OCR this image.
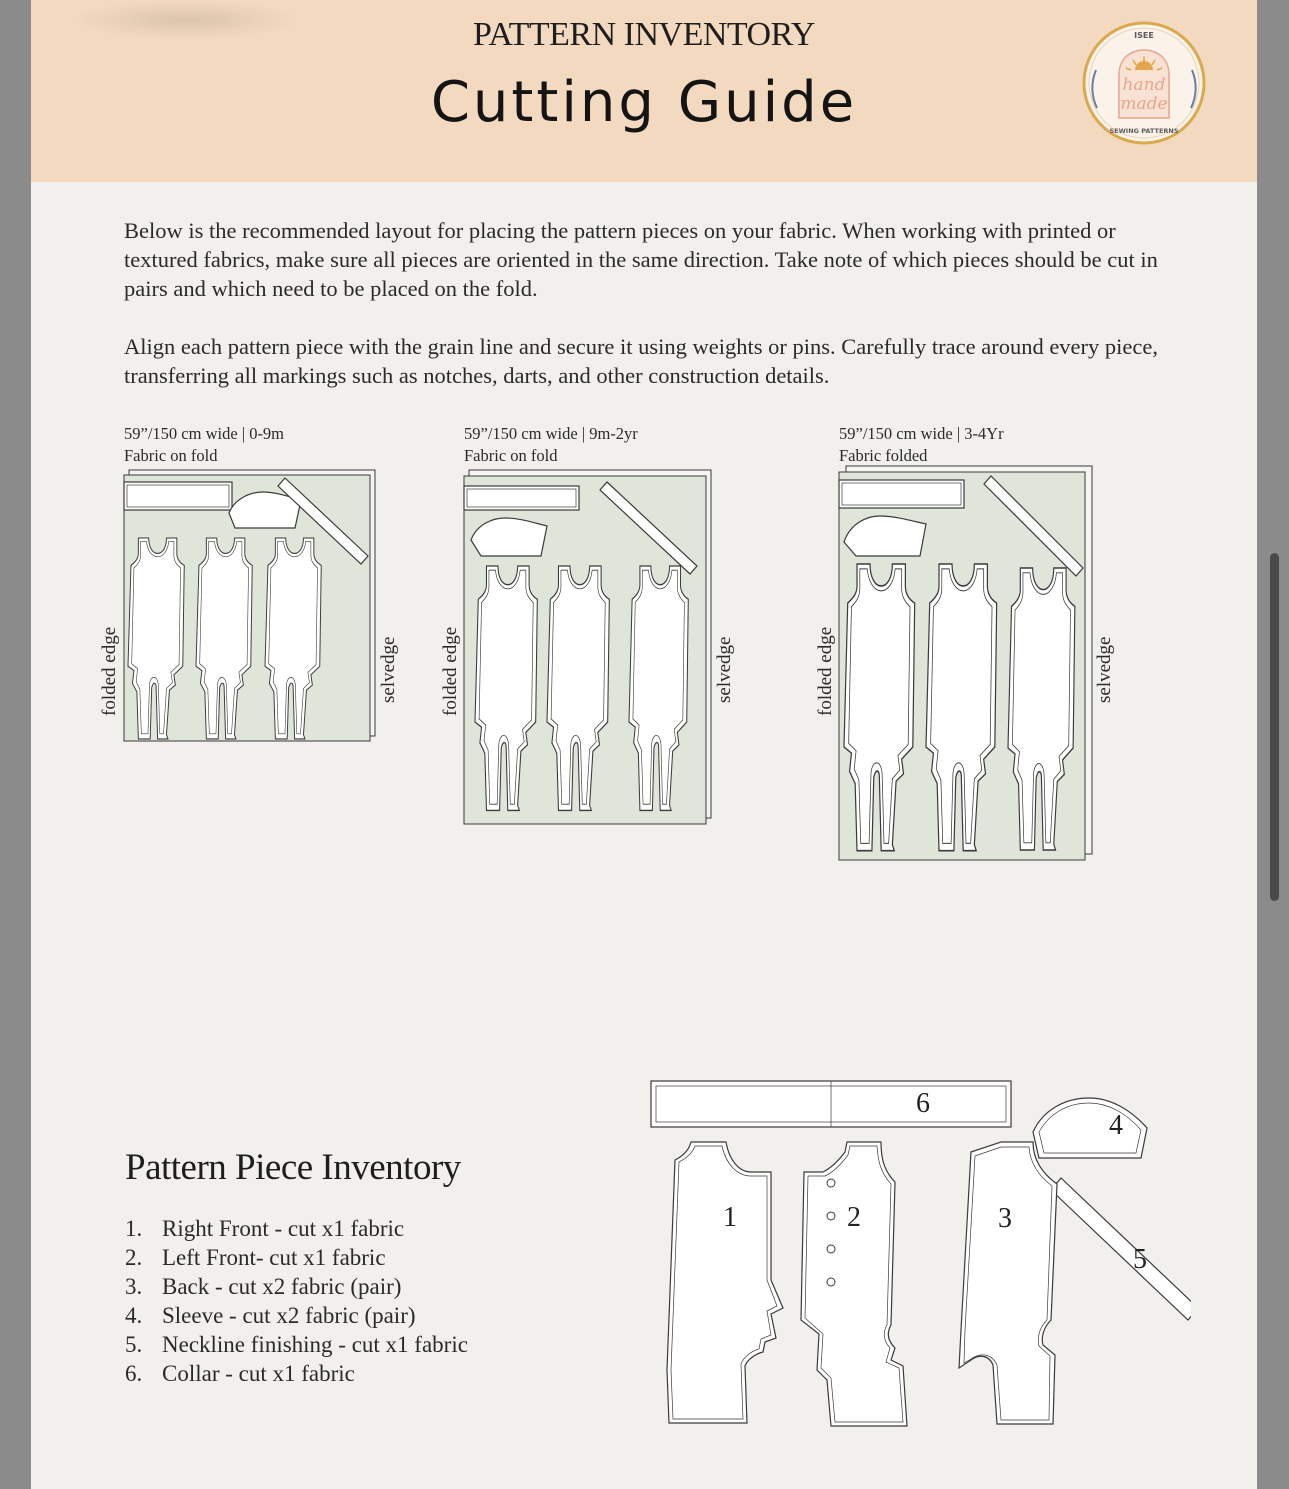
PATTERN INVENTORY
Cutting Guide
ISEE
hand
made
SEWING PATTERNS

Below is the recommended layout for placing the pattern pieces on your fabric. When working with printed or textured fabrics, make sure all pieces are oriented in the same direction. Take note of which pieces should be cut in pairs and which need to be placed on the fold.

Align each pattern piece with the grain line and secure it using weights or pins. Carefully trace around every piece, transferring all markings such as notches, darts, and other construction details.

59”/150 cm wide | 0-9m
Fabric on fold
folded edge	selvedge
59”/150 cm wide | 9m-2yr
Fabric on fold
folded edge	selvedge
59”/150 cm wide | 3-4Yr
Fabric folded
folded edge	selvedge
Pattern Piece Inventory
1. Right Front - cut x1 fabric
2. Left Front- cut x1 fabric
3. Back - cut x2 fabric (pair)
4. Sleeve - cut x2 fabric (pair)
5. Neckline finishing - cut x1 fabric
6. Collar - cut x1 fabric
6
4
5
1	2	3
